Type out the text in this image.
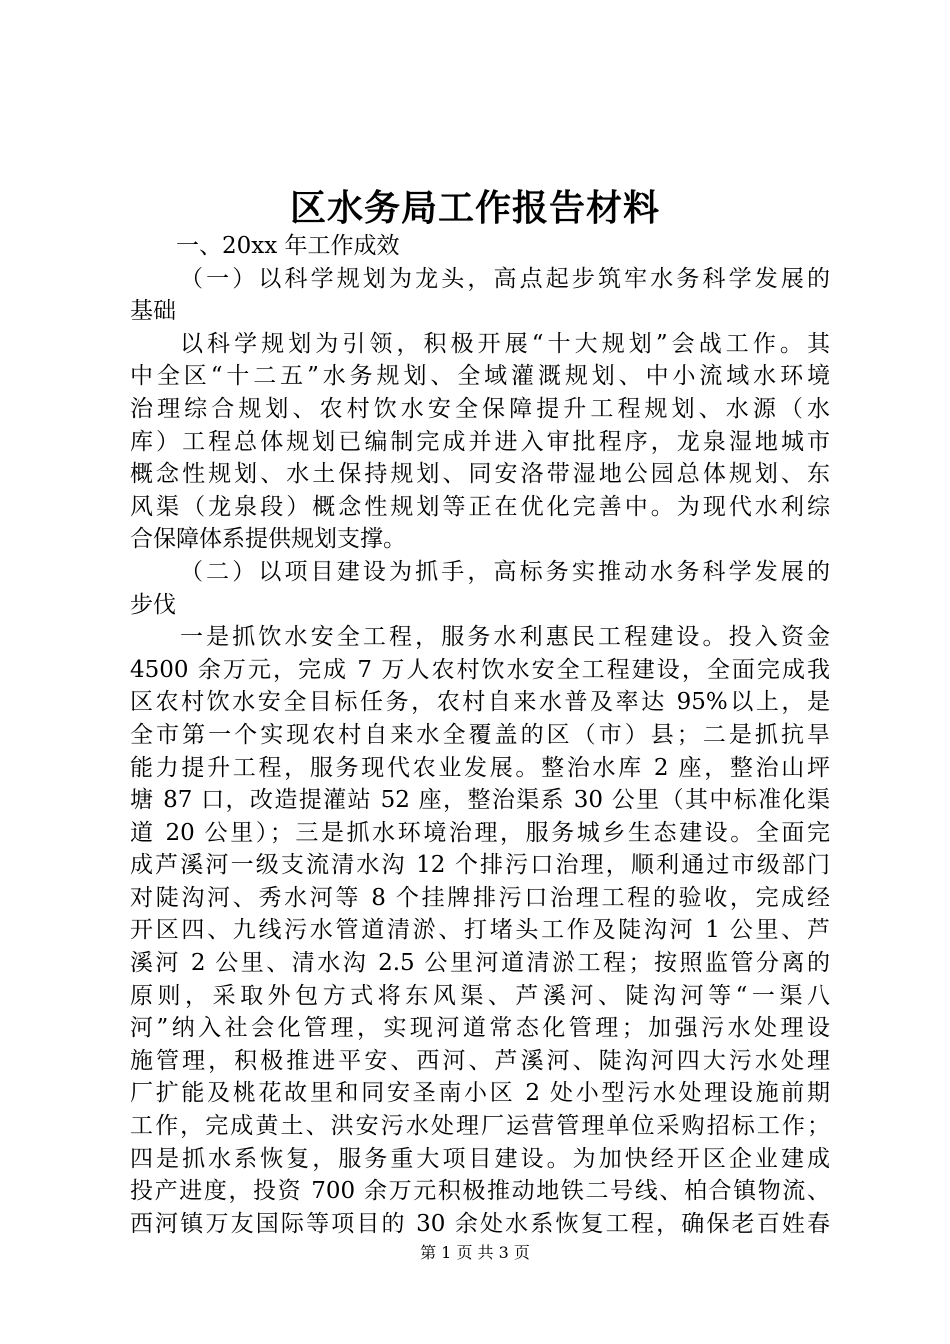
区水务局工作报告材料
一、20xx 年工作成效
（一）以科学规划为龙头，高点起步筑牢水务科学发展的
基础
以科学规划为引领，积极开展“十大规划”会战工作。其
中全区“十二五”水务规划、全域灌溉规划、中小流域水环境
治理综合规划、农村饮水安全保障提升工程规划、水源（水
库）工程总体规划已编制完成并进入审批程序，龙泉湿地城市
概念性规划、水土保持规划、同安洛带湿地公园总体规划、东
风渠（龙泉段）概念性规划等正在优化完善中。为现代水利综
合保障体系提供规划支撑。
（二）以项目建设为抓手，高标务实推动水务科学发展的
步伐
一是抓饮水安全工程，服务水利惠民工程建设。投入资金
4500 余万元，完成 7 万人农村饮水安全工程建设，全面完成我
区农村饮水安全目标任务，农村自来水普及率达 95%以上，是
全市第一个实现农村自来水全覆盖的区（市）县；二是抓抗旱
能力提升工程，服务现代农业发展。整治水库 2 座，整治山坪
塘 87 口，改造提灌站 52 座，整治渠系 30 公里（其中标准化渠
道 20 公里）；三是抓水环境治理，服务城乡生态建设。全面完
成芦溪河一级支流清水沟 12 个排污口治理，顺利通过市级部门
对陡沟河、秀水河等 8 个挂牌排污口治理工程的验收，完成经
开区四、九线污水管道清淤、打堵头工作及陡沟河 1 公里、芦
溪河 2 公里、清水沟 2.5 公里河道清淤工程；按照监管分离的
原则，采取外包方式将东风渠、芦溪河、陡沟河等“一渠八
河”纳入社会化管理，实现河道常态化管理；加强污水处理设
施管理，积极推进平安、西河、芦溪河、陡沟河四大污水处理
厂扩能及桃花故里和同安圣南小区 2 处小型污水处理设施前期
工作，完成黄土、洪安污水处理厂运营管理单位采购招标工作；
四是抓水系恢复，服务重大项目建设。为加快经开区企业建成
投产进度，投资 700 余万元积极推动地铁二号线、柏合镇物流、
西河镇万友国际等项目的 30 余处水系恢复工程，确保老百姓春
第 1 页 共 3 页
